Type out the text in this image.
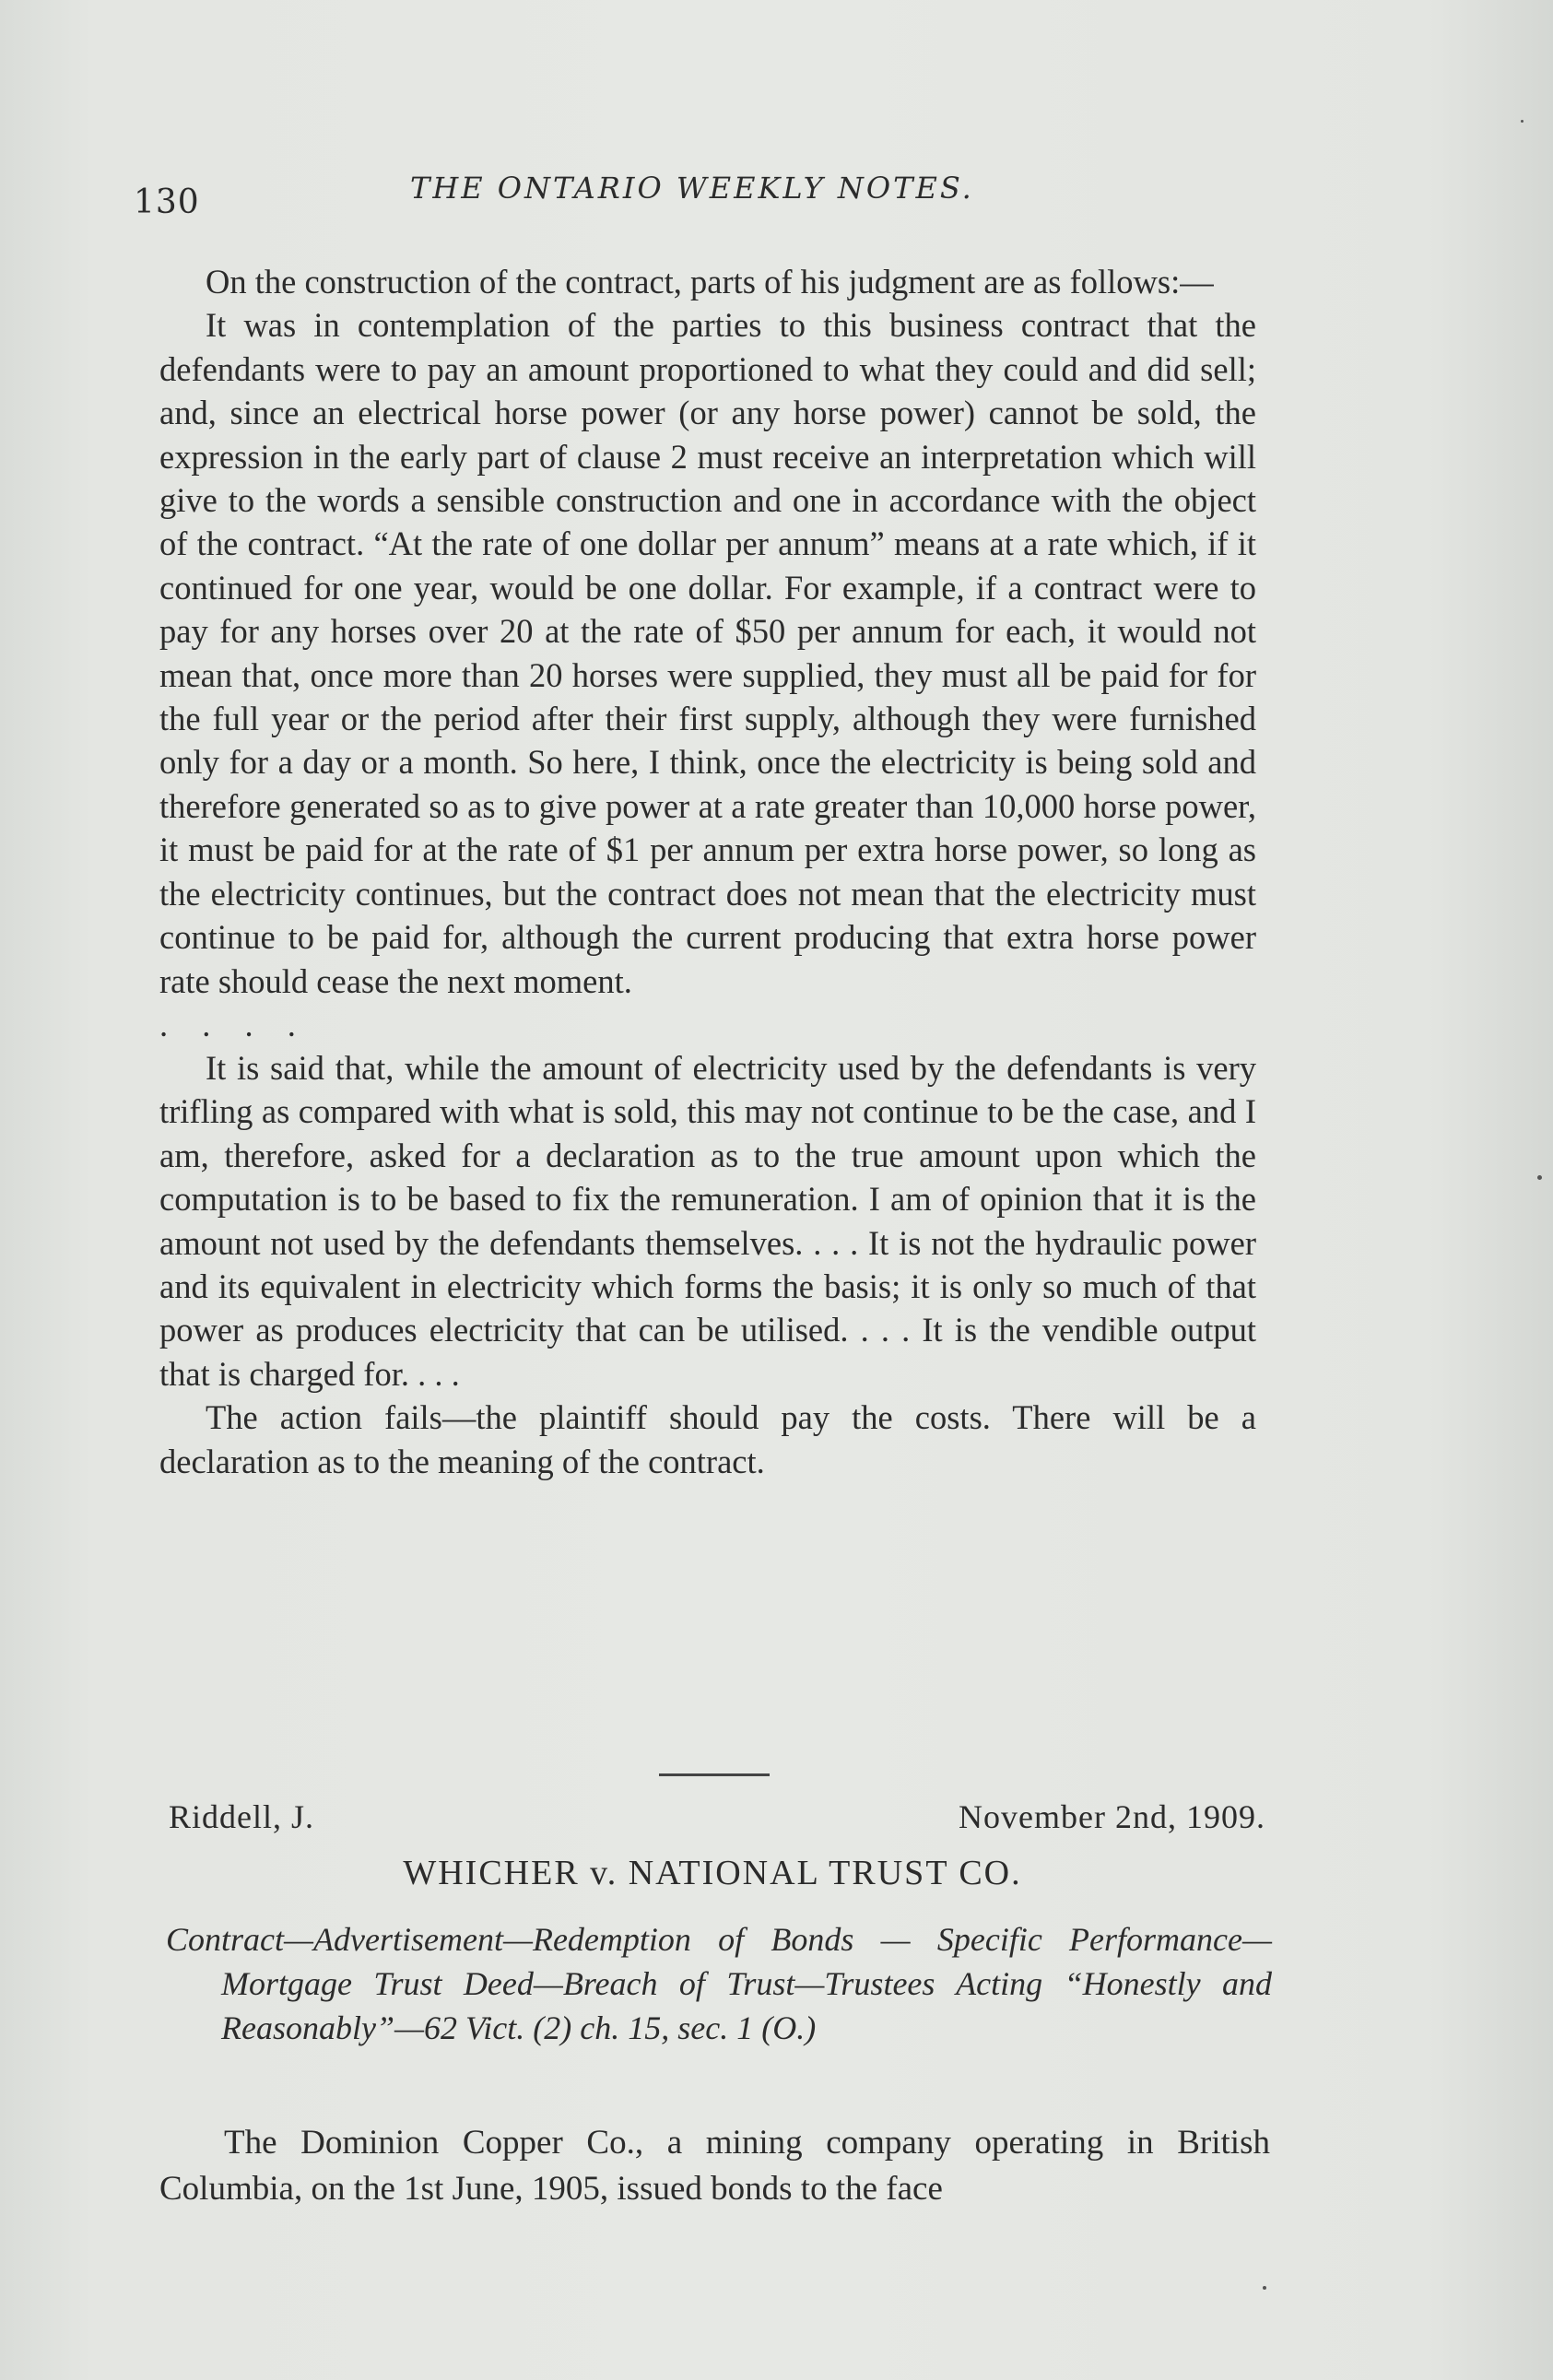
130	THE ONTARIO WEEKLY NOTES.

On the construction of the contract, parts of his judgment are as follows:—

It was in contemplation of the parties to this business contract that the defendants were to pay an amount proportioned to what they could and did sell; and, since an electrical horse power (or any horse power) cannot be sold, the expression in the early part of clause 2 must receive an interpretation which will give to the words a sensible construction and one in accordance with the object of the contract. “At the rate of one dollar per annum” means at a rate which, if it continued for one year, would be one dollar. For example, if a contract were to pay for any horses over 20 at the rate of $50 per annum for each, it would not mean that, once more than 20 horses were supplied, they must all be paid for for the full year or the period after their first supply, although they were furnished only for a day or a month. So here, I think, once the electricity is being sold and therefore generated so as to give power at a rate greater than 10,000 horse power, it must be paid for at the rate of $1 per annum per extra horse power, so long as the electricity continues, but the contract does not mean that the electricity must continue to be paid for, although the current producing that extra horse power rate should cease the next moment.

. . . .

It is said that, while the amount of electricity used by the defendants is very trifling as compared with what is sold, this may not continue to be the case, and I am, therefore, asked for a declaration as to the true amount upon which the computation is to be based to fix the remuneration. I am of opinion that it is the amount not used by the defendants themselves. . . . It is not the hydraulic power and its equivalent in electricity which forms the basis; it is only so much of that power as produces electricity that can be utilised. . . . It is the vendible output that is charged for. . . .

The action fails—the plaintiff should pay the costs. There will be a declaration as to the meaning of the contract.

Riddell, J.	November 2nd, 1909.
WHICHER v. NATIONAL TRUST CO.
Contract—Advertisement—Redemption of Bonds — Specific Performance—Mortgage Trust Deed—Breach of Trust—Trustees Acting “Honestly and Reasonably”—62 Vict. (2) ch. 15, sec. 1 (O.)
The Dominion Copper Co., a mining company operating in British Columbia, on the 1st June, 1905, issued bonds to the face
